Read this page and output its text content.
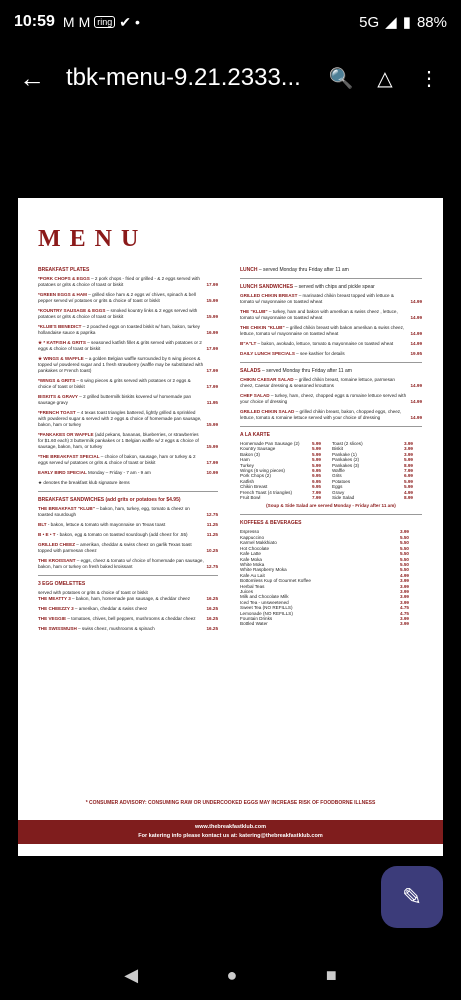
10:59 M M ring ✔ •	5G ◢ ▮ 88%
← tbk-menu-9.21.2333...	🔍	△	⋮
MENU
BREAKFAST PLATES
*PORK CHOPS & EGGS – 2 pork chops - fried or grilled - & 2 eggs served with potatoes or grits & choice of toast or biskit	17.99
*GREEN EGGS & HAM – grilled slice ham & 2 eggs w/ chives, spinach & bell pepper served w/ potatoes or grits & choice of toast or biskit	15.99
*KOUNTRY SAUSAGE & EGGS – smoked kountry links & 2 eggs served with potatoes or grits & choice of toast or biskit	15.99
*KLUB'S BENEDICT – 2 poached eggs on toasted biskit w/ ham, bakon, turkey hollandaise sauce & paprika	16.99
★ * KATFISH & GRITS – seasoned katfish fillet & grits served with potatoes or 2 eggs & choice of toast or biskit	17.99
★ WINGS & WAFFLE – a golden Belgian waffle surrounded by 6 wing pieces & topped w/ powdered sugar and 1 fresh strawberry (waffle may be substituted with pankakes or French toast)	17.99
*WINGS & GRITS – 6 wing pieces & grits served with potatoes or 2 eggs & choice of toast or biskit	17.99
BISKITS & GRAVY – 2 grilled buttermilk biskits kovered w/ homemade pan sausage gravy	11.95
*FRENCH TOAST – 4 texas toast triangles battered, lightly grilled & sprinkled with powdered sugar & served with 2 eggs & choice of homemade pan sausage, bakon, ham or turkey	15.99
*PANKAKES OR WAFFLE (add pekans, bananas, blueberries, or strawberries for $1.60 each) 3 buttermilk pankakes or 1 Belgian waffle w/ 2 eggs & choice of sausage, bakon, ham, or turkey	15.99
*THE BREAKFAST SPECIAL – choice of bakon, sausage, ham or turkey & 2 eggs served w/ potatoes or grits & choice of toast or biskit	17.99
EARLY BIRD SPECIAL Monday – Friday - 7 am - 9 am	10.99
★ denotes the breakfast klub signature items
BREAKFAST SANDWICHES (add grits or potatoes for $4.95)
THE BREAKFAST "KLUB" – bakon, ham, turkey, egg, tomato & cheez on toasted sourdough	12.75
BLT - bakon, lettuce & tomato with mayonnaise on Texas toast	11.25
B • E • T - bakon, egg & tomato on toasted sourdough (add cheez for .55)	11.25
GRILLED CHEEZ – amerikan, cheddar & swiss cheez on garlik Texas toast topped with parmesan cheez	10.25
THE KROISSANT – eggs, cheez & tomato w/ choice of homemade pan sausage, bakon, ham or turkey on fresh baked kroissant	12.75
3 EGG OMELETTES
served with potatoes or grits & choice of toast or biskit
THE MEATTY 3 – bakon, ham, homemade pan sausage, & cheddar cheez	16.25
THE CHEEZZY 3 – amerikan, cheddar & swiss cheez	16.25
THE VEGGIE – tomatoes, chives, bell peppers, mushrooms & cheddar cheez 16.25
THE SWISSMUSH – swiss cheez, mushrooms & spinach	16.25
LUNCH – served Monday thru Friday after 11 am
LUNCH SANDWICHES – served with chips and pickle spear
GRILLED CHIKIN BREAST – marinated chikin breast topped with lettuce & tomato w/ mayonnaise on toasted wheat	14.99
THE "KLUB" – turkey, ham and bakon with amerikan & swiss cheez , lettuce, tomato w/ mayonnaise on toasted wheat	14.99
THE CHIKIN "KLUB" – grilled chikin breast with bakon amerikan & swiss cheez, lettuce, tomato w/ mayonnaise on toasted wheat	14.99
B"A"LT – bakon, avokado, lettuce, tomato & mayonnaise on toasted wheat	14.99
DAILY LUNCH SPECIALS – see kashier for details	19.95
SALADS – served Monday thru Friday after 11 am
CHIKIN CAESAR SALAD – grilled chikin breast, romaine lettuce, parmesan cheez, Caesar dressing & seasoned krouttons	14.99
CHEF SALAD – turkey, ham, cheez, chopped eggs & romaine lettuce served with your choice of dressing	14.99
GRILLED CHIKIN SALAD – grilled chikin breast, bakon, chopped eggs, cheez, lettuce, tomato & romaine lettuce served with your choice of dressing	14.99
A LA KARTE
Homemade Pan Sausage (2)	5.99	Toast (2 slices)	3.99
Kountry Sausage	5.99	Biskit	3.99
Bakon (3)	5.99	Pankake (1)	3.99
Ham	5.99	Pankakes (2)	5.99
Turkey	5.99	Pankakes (3)	8.99
Wings (6 wing pieces)	9.95	Waffle	7.99
Pork Chops (2)	9.95	Grits	6.99
Katfish	9.95	Potatoes	5.99
Chikin Breast	9.95	Eggs	5.99
French Toast (4 triangles)	7.99	Gravy	4.99
Fruit Bowl	7.99	Side Salad	8.99
(Soup & Side Salad are served Monday - Friday after 11 am)
KOFFEES & BEVERAGES
Espresso	3.99
Kappuccino	5.50
Karmel Makkhiato	5.50
Hot Chocolate	5.50
Kafe Latte	5.50
Kafe Moka	5.50
White Moka	5.50
White Raspberry Moka	5.50
Kafe Au Lait	4.99
Bottomless Kup of Gourmet Koffee	3.99
Herbal Teas	3.99
Juices	3.99
Milk and Chocolate Milk	3.99
Iced Tea - unsweetened	3.99
Sweet Tea (NO REFILLS)	4.75
Lemonade (NO REFILLS)	4.75
Fountain Drinks	3.99
Bottled Water	3.99
* CONSUMER ADVISORY: CONSUMING RAW OR UNDERCOOKED EGGS MAY INCREASE RISK OF FOODBORNE ILLNESS
www.thebreakfastklub.com
For katering info please kontact us at: katering@thebreakfastklub.com
✎
◀	●	■
